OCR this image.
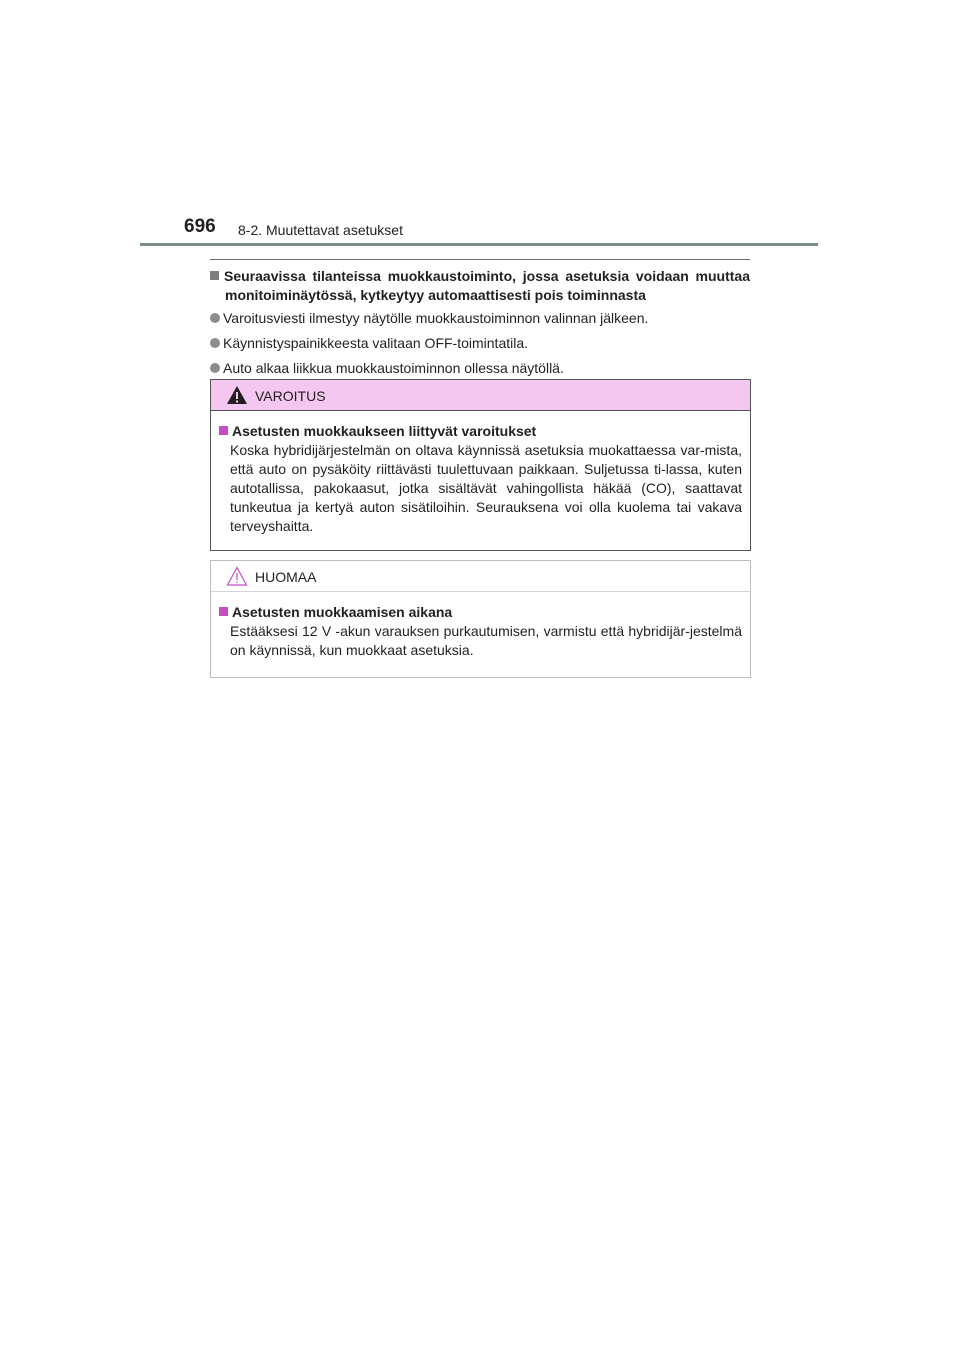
696 8-2. Muutettavat asetukset
Seuraavissa tilanteissa muokkaustoiminto, jossa asetuksia voidaan muuttaa monitoiminäytössä, kytkeytyy automaattisesti pois toiminnasta
Varoitusviesti ilmestyy näytölle muokkaustoiminnon valinnan jälkeen.
Käynnistyspainikkeesta valitaan OFF-toimintatila.
Auto alkaa liikkua muokkaustoiminnon ollessa näytöllä.
VAROITUS
Asetusten muokkaukseen liittyvät varoitukset
Koska hybridijärjestelmän on oltava käynnissä asetuksia muokattaessa var-mista, että auto on pysäköity riittävästi tuulettuvaan paikkaan. Suljetussa ti-lassa, kuten autotallissa, pakokaasut, jotka sisältävät vahingollista häkää (CO), saattavat tunkeutua ja kertyä auton sisätiloihin. Seurauksena voi olla kuolema tai vakava terveyshaitta.
HUOMAA
Asetusten muokkaamisen aikana
Estääksesi 12 V -akun varauksen purkautumisen, varmistu että hybridijär-jestelmä on käynnissä, kun muokkaat asetuksia.
